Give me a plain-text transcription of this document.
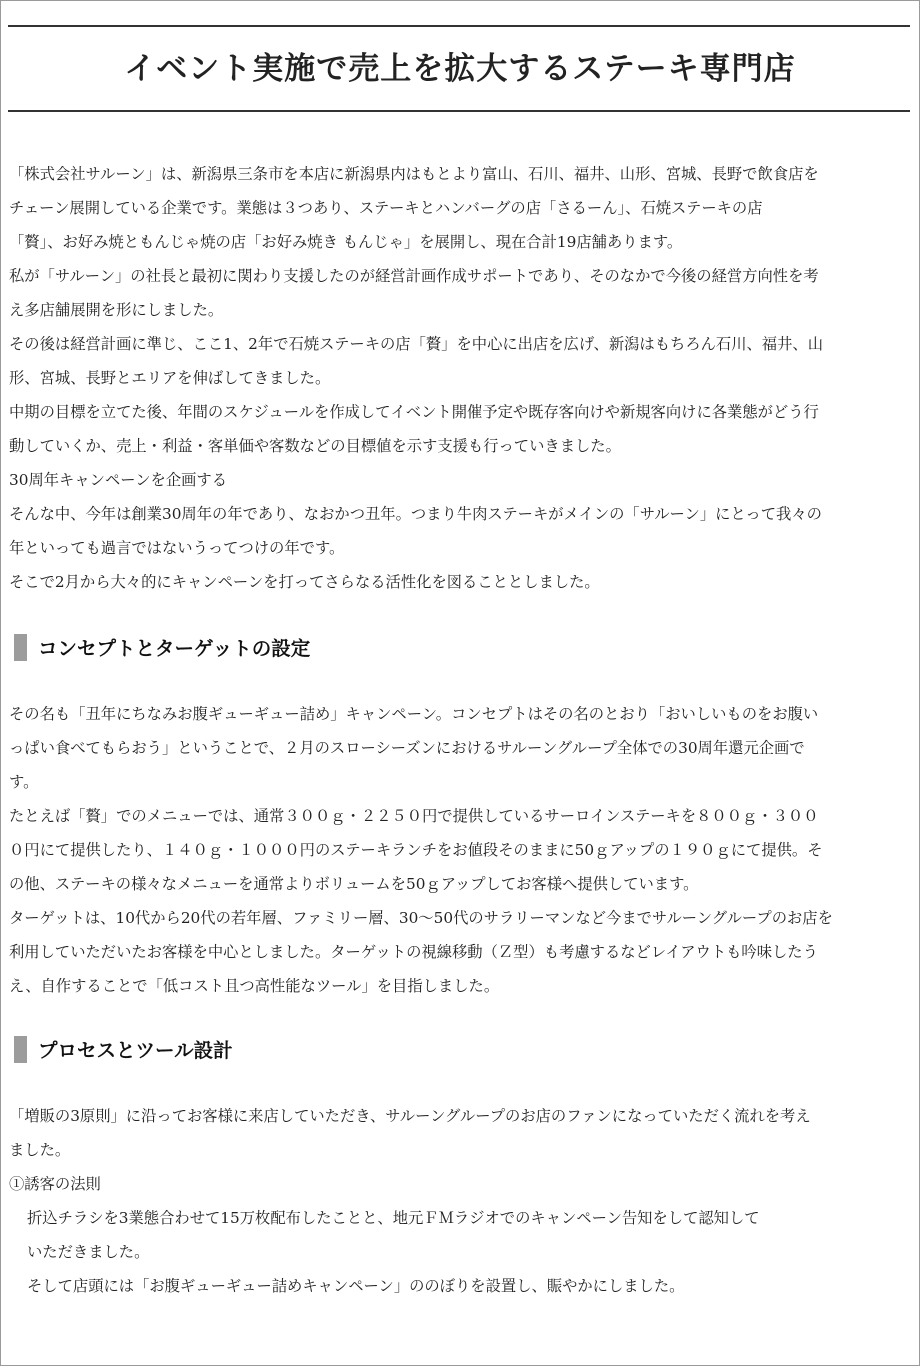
イベント実施で売上を拡大するステーキ専門店

「株式会社サルーン」は、新潟県三条市を本店に新潟県内はもとより富山、石川、福井、山形、宮城、長野で飲食店を

チェーン展開している企業です。業態は３つあり、ステーキとハンバーグの店「さるーん」、石焼ステーキの店

「贅」、お好み焼ともんじゃ焼の店「お好み焼き もんじゃ」を展開し、現在合計19店舗あります。

私が「サルーン」の社長と最初に関わり支援したのが経営計画作成サポートであり、そのなかで今後の経営方向性を考

え多店舗展開を形にしました。

その後は経営計画に準じ、ここ1、2年で石焼ステーキの店「贅」を中心に出店を広げ、新潟はもちろん石川、福井、山

形、宮城、長野とエリアを伸ばしてきました。

中期の目標を立てた後、年間のスケジュールを作成してイベント開催予定や既存客向けや新規客向けに各業態がどう行

動していくか、売上・利益・客単価や客数などの目標値を示す支援も行っていきました。

30周年キャンペーンを企画する

そんな中、今年は創業30周年の年であり、なおかつ丑年。つまり牛肉ステーキがメインの「サルーン」にとって我々の

年といっても過言ではないうってつけの年です。

そこで2月から大々的にキャンペーンを打ってさらなる活性化を図ることとしました。

コンセプトとターゲットの設定

その名も「丑年にちなみお腹ギューギュー詰め」キャンペーン。コンセプトはその名のとおり「おいしいものをお腹い

っぱい食べてもらおう」ということで、２月のスローシーズンにおけるサルーングループ全体での30周年還元企画で

す。

たとえば「贅」でのメニューでは、通常３００ｇ・２２５０円で提供しているサーロインステーキを８００ｇ・３００

０円にて提供したり、１４０ｇ・１０００円のステーキランチをお値段そのままに50ｇアップの１９０ｇにて提供。そ

の他、ステーキの様々なメニューを通常よりボリュームを50ｇアップしてお客様へ提供しています。

ターゲットは、10代から20代の若年層、ファミリー層、30〜50代のサラリーマンなど今までサルーングループのお店を

利用していただいたお客様を中心としました。ターゲットの視線移動（Ｚ型）も考慮するなどレイアウトも吟味したう

え、自作することで「低コスト且つ高性能なツール」を目指しました。

プロセスとツール設計

「増販の3原則」に沿ってお客様に来店していただき、サルーングループのお店のファンになっていただく流れを考え

ました。

①誘客の法則

折込チラシを3業態合わせて15万枚配布したことと、地元ＦＭラジオでのキャンペーン告知をして認知して

いただきました。

そして店頭には「お腹ギューギュー詰めキャンペーン」ののぼりを設置し、賑やかにしました。
